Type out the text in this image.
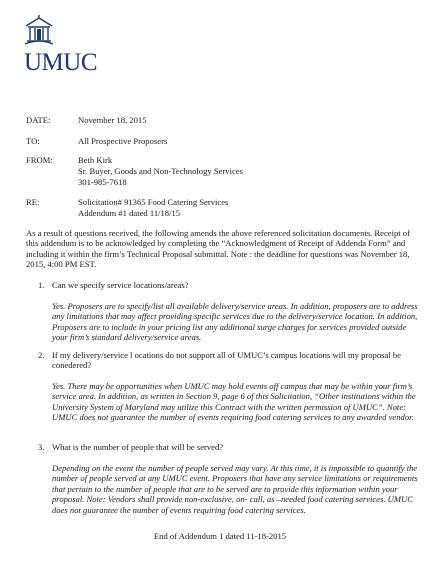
UMUC
DATE:	November 18, 2015
TO:	All Prospective Proposers
FROM:	Beth Kirk
Sr. Buyer, Goods and Non-Technology Services
301-985-7618
RE:	Solicitation# 91365 Food Catering Services
Addendum #1 dated 11/18/15
As a result of questions received, the following amends the above referenced solicitation documents. Receipt of this addendum is to be acknowledged by completing the “Acknowledgment of Receipt of Addenda Form” and including it within the firm’s Technical Proposal submittal. Note : the deadline for questions was November 18, 2015, 4:00 PM EST.
1. Can we specify service locations/areas?
Yes. Proposers are to specify/list all available delivery/service areas. In addition, proposers are to address any limitations that may affect providing specific services due to the delivery/service location. In addition, Proposers are to include in your pricing list any additional surge charges for services provided outside your firm’s standard delivery/service areas.
2. If my delivery/service l ocations do not support all of UMUC’s campus locations will my proposal be conedered?
Yes. There may be opportunities when UMUC may hold events off campus that may be within your firm’s service area. In addition, as written in Section 9, page 6 of this Solicitation, “Other institutions within the University System of Maryland may utilize this Contract with the written permission of UMUC”. Note: UMUC does not guarantee the number of events requiring food catering services to any awarded vendor.
3. What is the number of people that will be served?
Depending on the event the number of people served may vary. At this time, it is impossible to quantify the number of people served at any UMUC event. Proposers that have any service limitations or requirements that pertain to the number of people that are to be served are to provide this information within your proposal. Note: Vendors shall provide non-exclusive, on- call, as –needed food catering services. UMUC does not guarantee the number of events requiring food catering services.
End of Addendum 1 dated 11-18-2015
